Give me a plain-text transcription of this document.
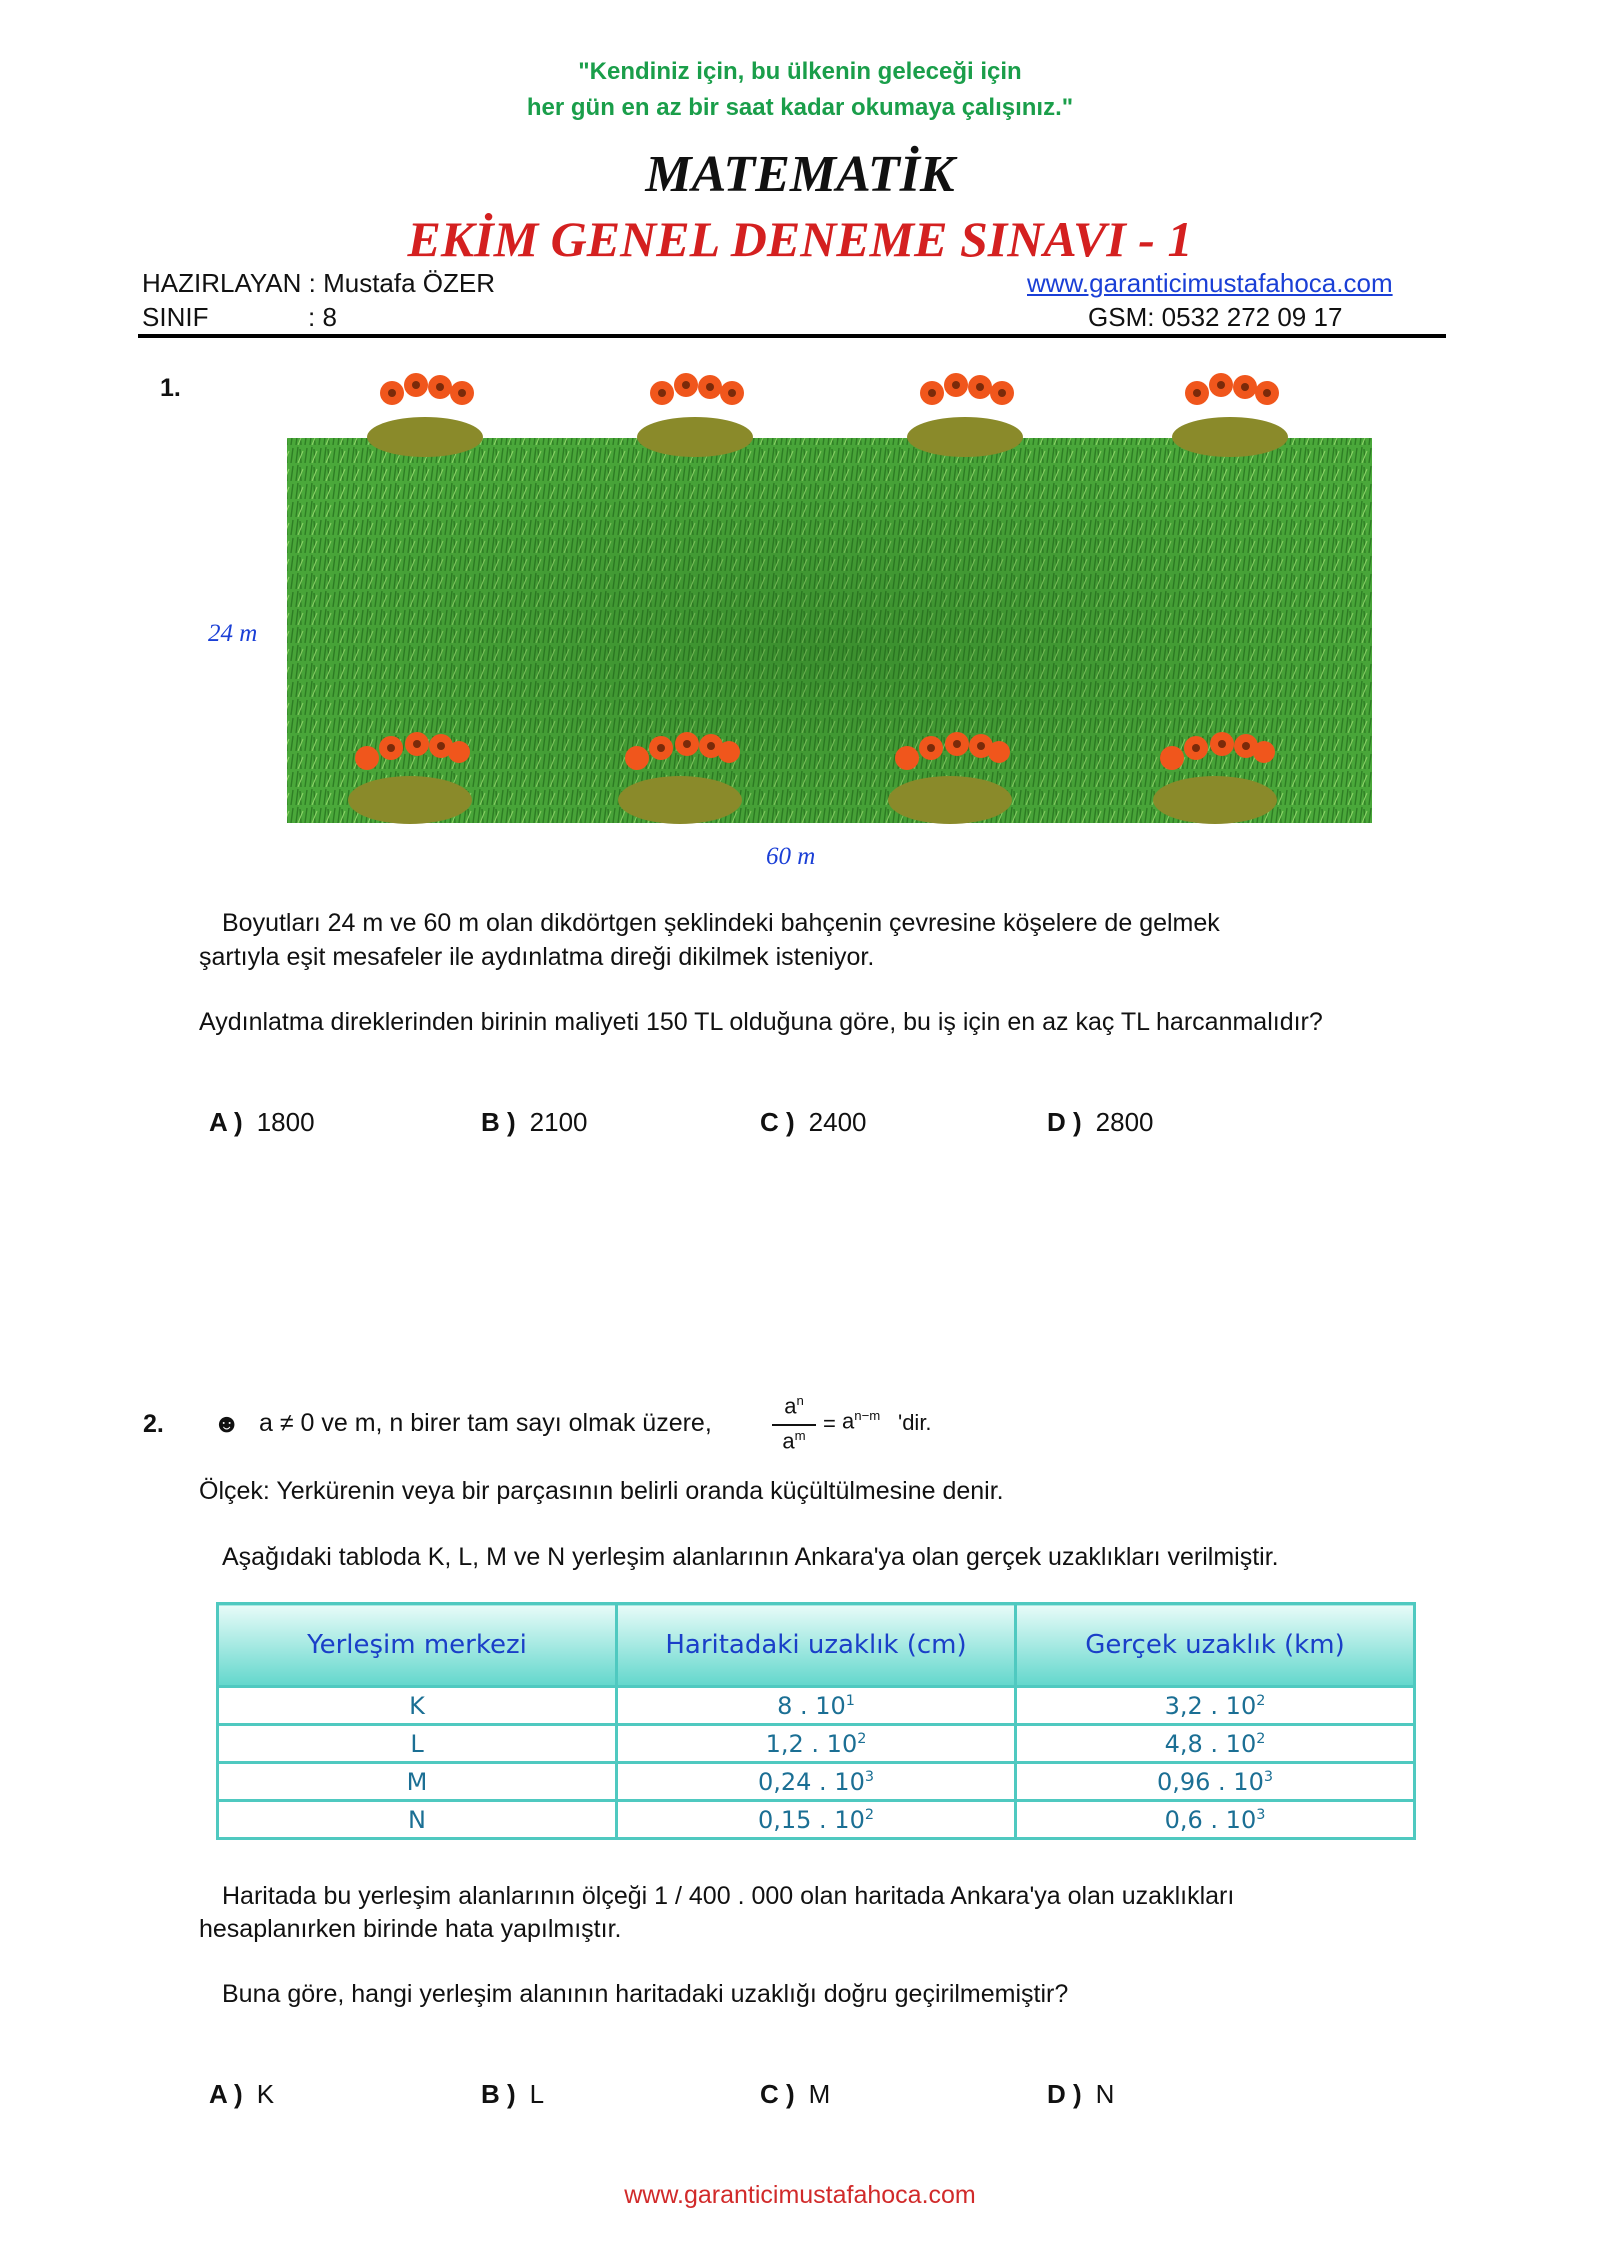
"Kendiniz için, bu ülkenin geleceği için
her gün en az bir saat kadar okumaya çalışınız."
MATEMATİK
EKİM GENEL DENEME SINAVI - 1
HAZIRLAYAN : Mustafa ÖZER	www.garanticimustafahoca.com
SINIF	: 8	GSM: 0532 272 09 17
1.
24 m
60 m
Boyutları 24 m ve 60 m olan dikdörtgen şeklindeki bahçenin çevresine köşelere de gelmek
şartıyla eşit mesafeler ile aydınlatma direği dikilmek isteniyor.
Aydınlatma direklerinden birinin maliyeti 150 TL olduğuna göre, bu iş için en az kaç TL harcanmalıdır?
A ) 1800	B ) 2100	C ) 2400	D ) 2800
2. ☻ a ≠ 0 ve m, n birer tam sayı olmak üzere,
$a^n$
$a^m = a^{n-m}$ 'dir.
Ölçek: Yerkürenin veya bir parçasının belirli oranda küçültülmesine denir.
Aşağıdaki tabloda K, L, M ve N yerleşim alanlarının Ankara'ya olan gerçek uzaklıkları verilmiştir.
Yerleşim merkezi	Haritadaki uzaklık (cm)	Gerçek uzaklık (km)
K	8 . $10^1$	3,2 . $10^2$
L	1,2 . $10^2$	4,8 . $10^2$
M	0,24 . $10^3$	0,96 . $10^3$
N	0,15 . $10^2$	0,6 . $10^3$
Haritada bu yerleşim alanlarının ölçeği 1 / 400 . 000 olan haritada Ankara'ya olan uzaklıkları
hesaplanırken birinde hata yapılmıştır.
Buna göre, hangi yerleşim alanının haritadaki uzaklığı doğru geçirilmemiştir?
A ) K	B ) L	C ) M	D ) N
www.garanticimustafahoca.com
